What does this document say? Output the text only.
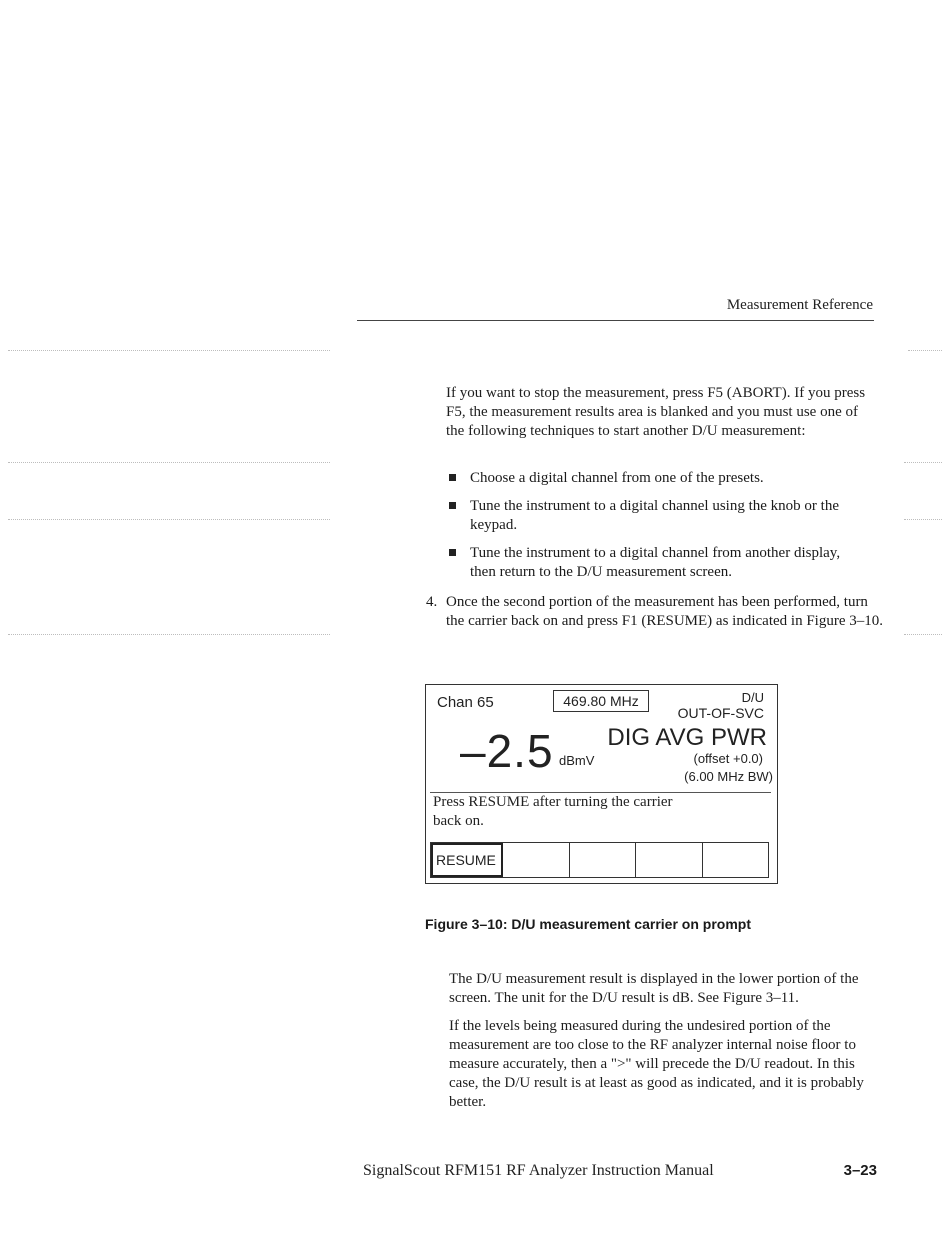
Measurement Reference

If you want to stop the measurement, press F5 (ABORT). If you press F5, the measurement results area is blanked and you must use one of the following techniques to start another D/U measurement:

Choose a digital channel from one of the presets.
Tune the instrument to a digital channel using the knob or the keypad.
Tune the instrument to a digital channel from another display, then return to the D/U measurement screen.
4. Once the second portion of the measurement has been performed, turn the carrier back on and press F1 (RESUME) as indicated in Figure 3–10.
Chan 65	469.80 MHz	D/U
OUT-OF-SVC
–2.5 dBmV
DIG AVG PWR
(offset +0.0)
(6.00 MHz BW)
Press RESUME after turning the carrier back on.
RESUME
Figure 3–10: D/U measurement carrier on prompt

The D/U measurement result is displayed in the lower portion of the screen. The unit for the D/U result is dB. See Figure 3–11.

If the levels being measured during the undesired portion of the measurement are too close to the RF analyzer internal noise floor to measure accurately, then a ">" will precede the D/U readout. In this case, the D/U result is at least as good as indicated, and it is probably better.

SignalScout RFM151 RF Analyzer Instruction Manual	3–23
